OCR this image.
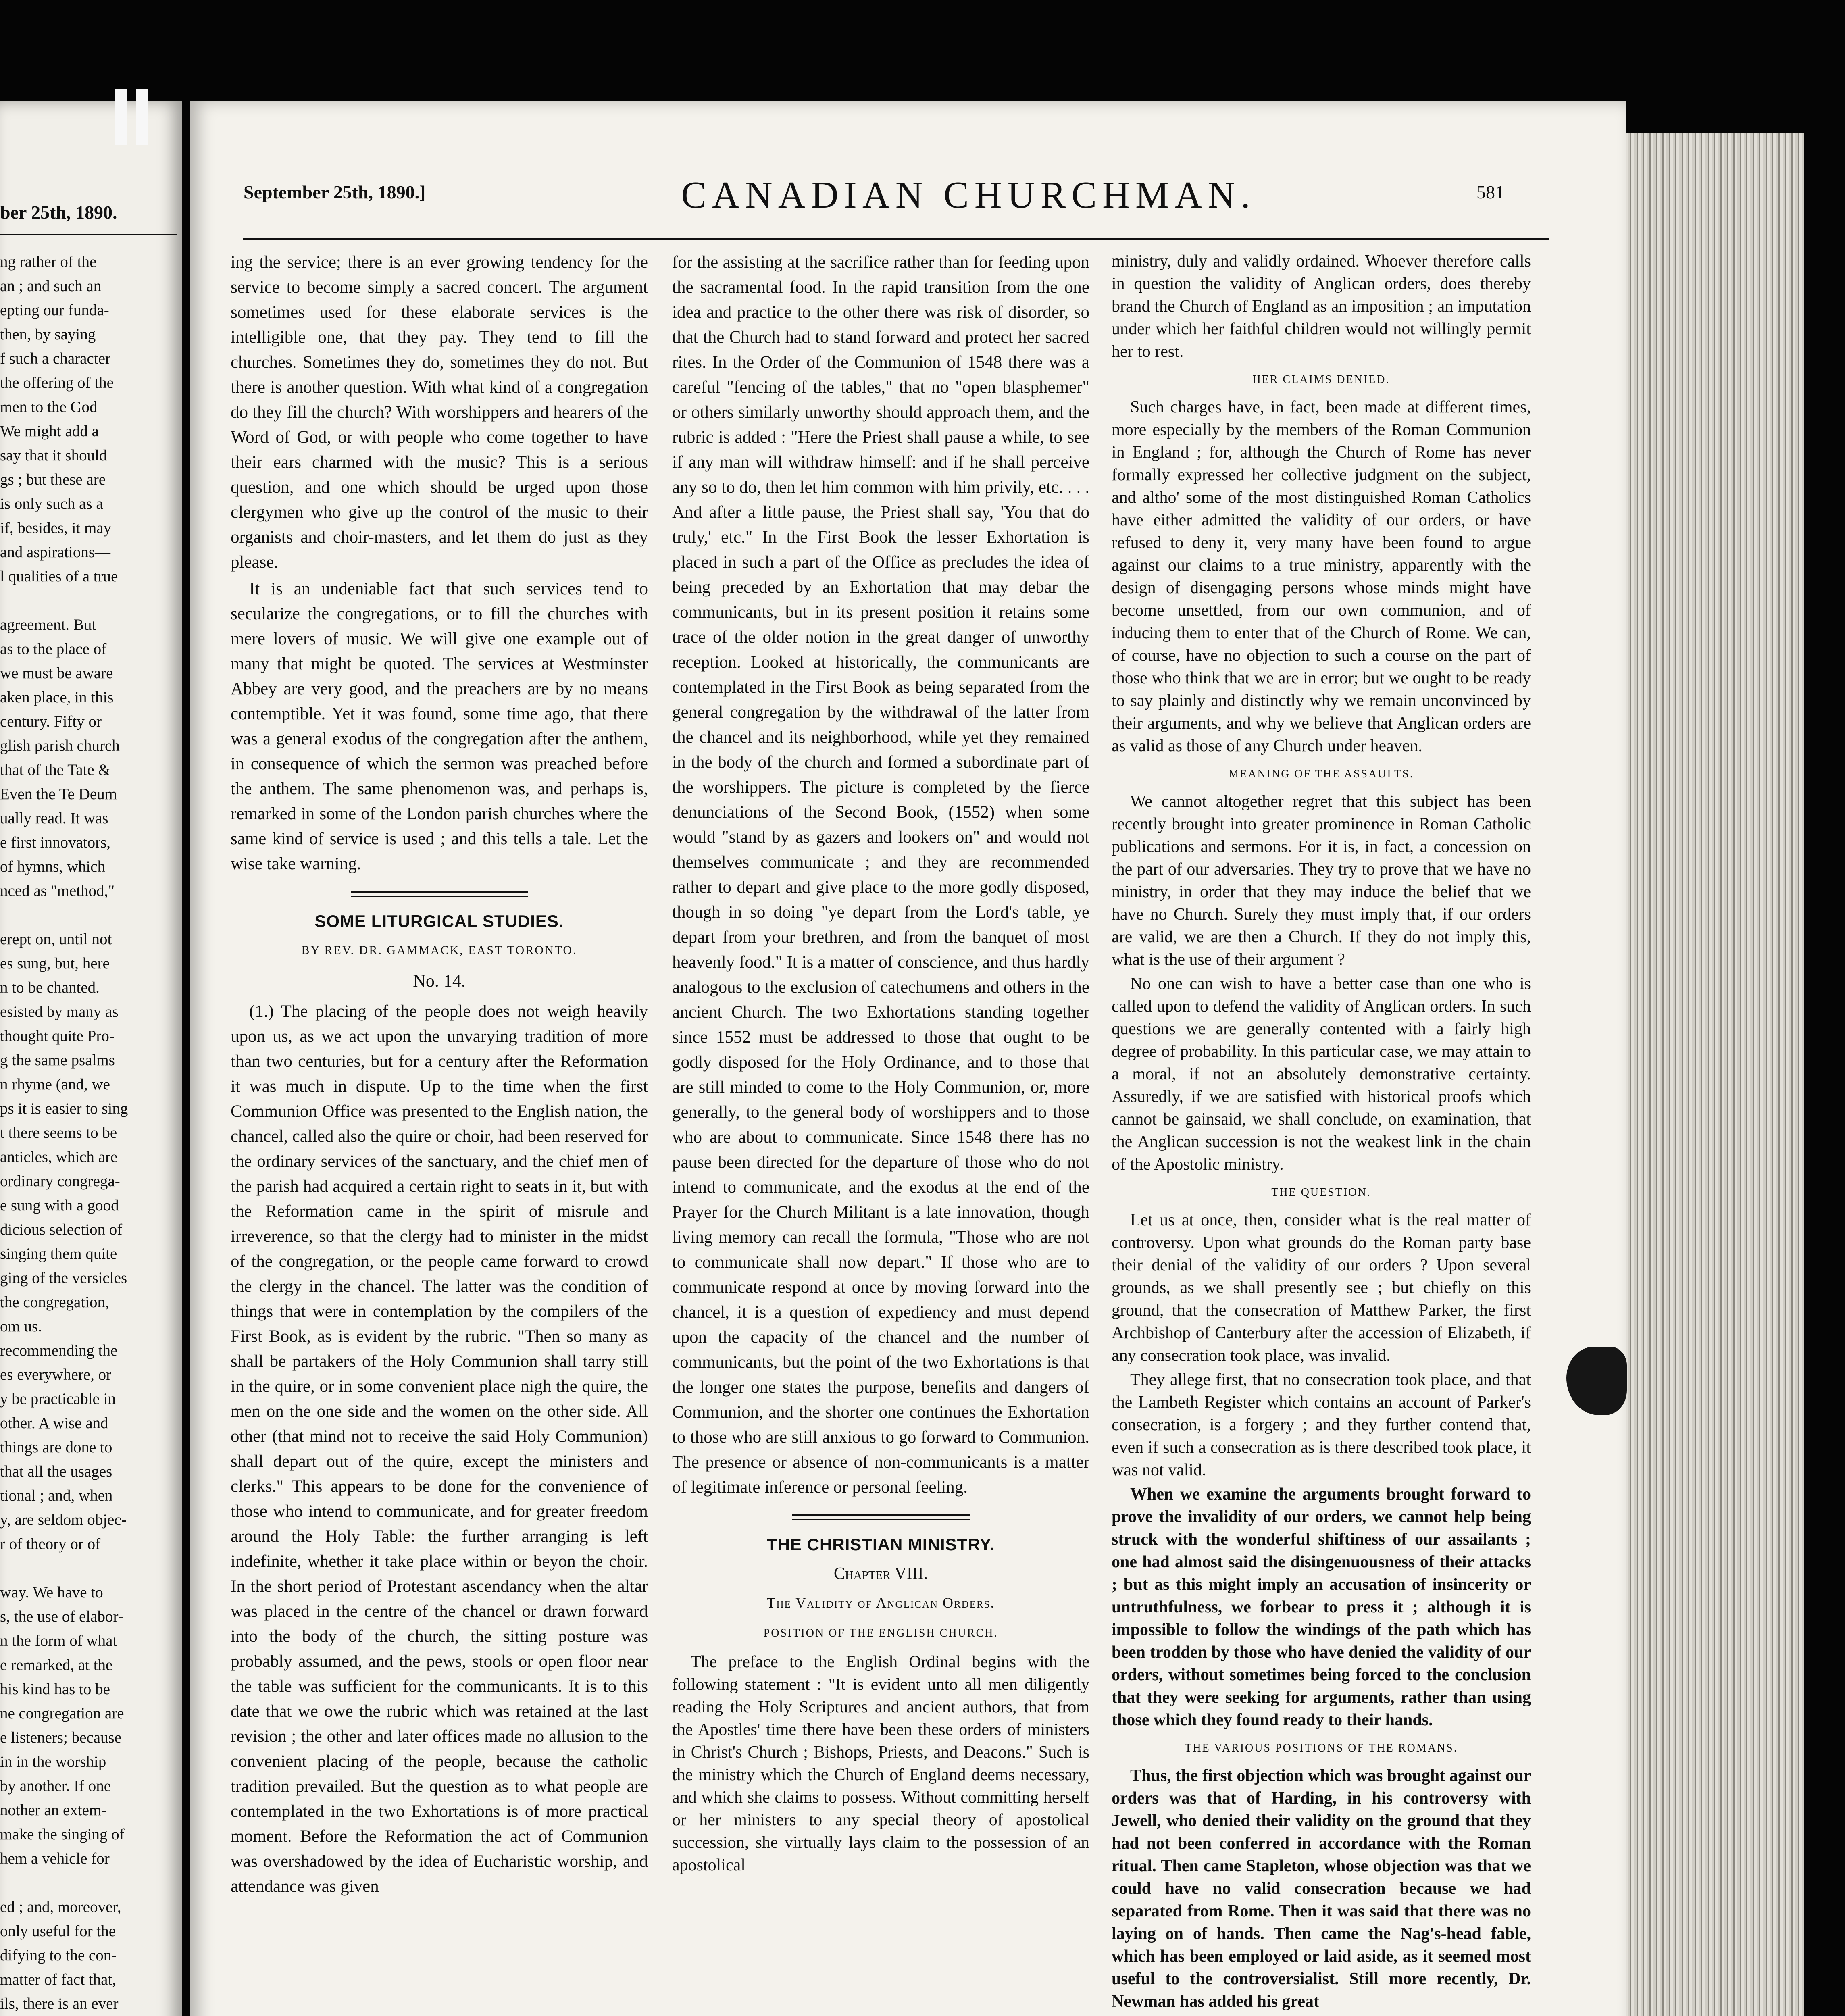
ber 25th, 1890.
ng rather of the
an ; and such an
epting our funda-
then, by saying
f such a character
the offering of the
men to the God
We might add a
say that it should
gs ; but these are
is only such as a
if, besides, it may
and aspirations—
l qualities of a true

agreement. But
as to the place of
we must be aware
aken place, in this
century. Fifty or
glish parish church
that of the Tate &
Even the Te Deum
ually read. It was
e first innovators,
of hymns, which
nced as "method,"

erept on, until not
es sung, but, here
n to be chanted.
esisted by many as
thought quite Pro-
g the same psalms
n rhyme (and, we
ps it is easier to sing
t there seems to be
anticles, which are
ordinary congrega-
e sung with a good
dicious selection of
singing them quite
ging of the versicles
the congregation,
om us.
recommending the
es everywhere, or
y be practicable in
other. A wise and
things are done to
that all the usages
tional ; and, when
y, are seldom objec-
r of theory or of

way. We have to
s, the use of elabor-
n the form of what
e remarked, at the
his kind has to be
ne congregation are
e listeners; because
in in the worship
by another. If one
nother an extem-
make the singing of
hem a vehicle for

ed ; and, moreover,
only useful for the
difying to the con-
matter of fact that,
ils, there is an ever
September 25th, 1890.]	CANADIAN CHURCHMAN.	581

ing the service; there is an ever growing tendency for the service to become simply a sacred concert. The argument sometimes used for these elaborate services is the intelligible one, that they pay. They tend to fill the churches. Sometimes they do, sometimes they do not. But there is another question. With what kind of a congregation do they fill the church? With worshippers and hearers of the Word of God, or with people who come together to have their ears charmed with the music? This is a serious question, and one which should be urged upon those clergymen who give up the control of the music to their organists and choir-masters, and let them do just as they please.

It is an undeniable fact that such services tend to secularize the congregations, or to fill the churches with mere lovers of music. We will give one example out of many that might be quoted. The services at Westminster Abbey are very good, and the preachers are by no means contemptible. Yet it was found, some time ago, that there was a general exodus of the congregation after the anthem, in consequence of which the sermon was preached before the anthem. The same phenomenon was, and perhaps is, remarked in some of the London parish churches where the same kind of service is used ; and this tells a tale. Let the wise take warning.

SOME LITURGICAL STUDIES.
BY REV. DR. GAMMACK, EAST TORONTO.
No. 14.

(1.) The placing of the people does not weigh heavily upon us, as we act upon the unvarying tradition of more than two centuries, but for a century after the Reformation it was much in dispute. Up to the time when the first Communion Office was presented to the English nation, the chancel, called also the quire or choir, had been reserved for the ordinary services of the sanctuary, and the chief men of the parish had acquired a certain right to seats in it, but with the Reformation came in the spirit of misrule and irreverence, so that the clergy had to minister in the midst of the congregation, or the people came forward to crowd the clergy in the chancel. The latter was the condition of things that were in contemplation by the compilers of the First Book, as is evident by the rubric. "Then so many as shall be partakers of the Holy Communion shall tarry still in the quire, or in some convenient place nigh the quire, the men on the one side and the women on the other side. All other (that mind not to receive the said Holy Communion) shall depart out of the quire, except the ministers and clerks." This appears to be done for the convenience of those who intend to communicate, and for greater freedom around the Holy Table: the further arranging is left indefinite, whether it take place within or beyon the choir. In the short period of Protestant ascendancy when the altar was placed in the centre of the chancel or drawn forward into the body of the church, the sitting posture was probably assumed, and the pews, stools or open floor near the table was sufficient for the communicants. It is to this date that we owe the rubric which was retained at the last revision ; the other and later offices made no allusion to the convenient placing of the people, because the catholic tradition prevailed. But the question as to what people are contemplated in the two Exhortations is of more practical moment. Before the Reformation the act of Communion was overshadowed by the idea of Eucharistic worship, and attendance was given

for the assisting at the sacrifice rather than for feeding upon the sacramental food. In the rapid transition from the one idea and practice to the other there was risk of disorder, so that the Church had to stand forward and protect her sacred rites. In the Order of the Communion of 1548 there was a careful "fencing of the tables," that no "open blasphemer" or others similarly unworthy should approach them, and the rubric is added : "Here the Priest shall pause a while, to see if any man will withdraw himself: and if he shall perceive any so to do, then let him common with him privily, etc. . . . And after a little pause, the Priest shall say, 'You that do truly,' etc." In the First Book the lesser Exhortation is placed in such a part of the Office as precludes the idea of being preceded by an Exhortation that may debar the communicants, but in its present position it retains some trace of the older notion in the great danger of unworthy reception. Looked at historically, the communicants are contemplated in the First Book as being separated from the general congregation by the withdrawal of the latter from the chancel and its neighborhood, while yet they remained in the body of the church and formed a subordinate part of the worshippers. The picture is completed by the fierce denunciations of the Second Book, (1552) when some would "stand by as gazers and lookers on" and would not themselves communicate ; and they are recommended rather to depart and give place to the more godly disposed, though in so doing "ye depart from the Lord's table, ye depart from your brethren, and from the banquet of most heavenly food." It is a matter of conscience, and thus hardly analogous to the exclusion of catechumens and others in the ancient Church. The two Exhortations standing together since 1552 must be addressed to those that ought to be godly disposed for the Holy Ordinance, and to those that are still minded to come to the Holy Communion, or, more generally, to the general body of worshippers and to those who are about to communicate. Since 1548 there has no pause been directed for the departure of those who do not intend to communicate, and the exodus at the end of the Prayer for the Church Militant is a late innovation, though living memory can recall the formula, "Those who are not to communicate shall now depart." If those who are to communicate respond at once by moving forward into the chancel, it is a question of expediency and must depend upon the capacity of the chancel and the number of communicants, but the point of the two Exhortations is that the longer one states the purpose, benefits and dangers of Communion, and the shorter one continues the Exhortation to those who are still anxious to go forward to Communion. The presence or absence of non-communicants is a matter of legitimate inference or personal feeling.

THE CHRISTIAN MINISTRY.
Chapter VIII.
The Validity of Anglican Orders.
POSITION OF THE ENGLISH CHURCH.

The preface to the English Ordinal begins with the following statement : "It is evident unto all men diligently reading the Holy Scriptures and ancient authors, that from the Apostles' time there have been these orders of ministers in Christ's Church ; Bishops, Priests, and Deacons." Such is the ministry which the Church of England deems necessary, and which she claims to possess. Without committing herself or her ministers to any special theory of apostolical succession, she virtually lays claim to the possession of an apostolical

ministry, duly and validly ordained. Whoever therefore calls in question the validity of Anglican orders, does thereby brand the Church of England as an imposition ; an imputation under which her faithful children would not willingly permit her to rest.

HER CLAIMS DENIED.

Such charges have, in fact, been made at different times, more especially by the members of the Roman Communion in England ; for, although the Church of Rome has never formally expressed her collective judgment on the subject, and altho' some of the most distinguished Roman Catholics have either admitted the validity of our orders, or have refused to deny it, very many have been found to argue against our claims to a true ministry, apparently with the design of disengaging persons whose minds might have become unsettled, from our own communion, and of inducing them to enter that of the Church of Rome. We can, of course, have no objection to such a course on the part of those who think that we are in error; but we ought to be ready to say plainly and distinctly why we remain unconvinced by their arguments, and why we believe that Anglican orders are as valid as those of any Church under heaven.

MEANING OF THE ASSAULTS.

We cannot altogether regret that this subject has been recently brought into greater prominence in Roman Catholic publications and sermons. For it is, in fact, a concession on the part of our adversaries. They try to prove that we have no ministry, in order that they may induce the belief that we have no Church. Surely they must imply that, if our orders are valid, we are then a Church. If they do not imply this, what is the use of their argument ?

No one can wish to have a better case than one who is called upon to defend the validity of Anglican orders. In such questions we are generally contented with a fairly high degree of probability. In this particular case, we may attain to a moral, if not an absolutely demonstrative certainty. Assuredly, if we are satisfied with historical proofs which cannot be gainsaid, we shall conclude, on examination, that the Anglican succession is not the weakest link in the chain of the Apostolic ministry.

THE QUESTION.

Let us at once, then, consider what is the real matter of controversy. Upon what grounds do the Roman party base their denial of the validity of our orders ? Upon several grounds, as we shall presently see ; but chiefly on this ground, that the consecration of Matthew Parker, the first Archbishop of Canterbury after the accession of Elizabeth, if any consecration took place, was invalid.

They allege first, that no consecration took place, and that the Lambeth Register which contains an account of Parker's consecration, is a forgery ; and they further contend that, even if such a consecration as is there described took place, it was not valid.

When we examine the arguments brought forward to prove the invalidity of our orders, we cannot help being struck with the wonderful shiftiness of our assailants ; one had almost said the disingenuousness of their attacks ; but as this might imply an accusation of insincerity or untruthfulness, we forbear to press it ; although it is impossible to follow the windings of the path which has been trodden by those who have denied the validity of our orders, without sometimes being forced to the conclusion that they were seeking for arguments, rather than using those which they found ready to their hands.

THE VARIOUS POSITIONS OF THE ROMANS.

Thus, the first objection which was brought against our orders was that of Harding, in his controversy with Jewell, who denied their validity on the ground that they had not been conferred in accordance with the Roman ritual. Then came Stapleton, whose objection was that we could have no valid consecration because we had separated from Rome. Then it was said that there was no laying on of hands. Then came the Nag's-head fable, which has been employed or laid aside, as it seemed most useful to the controversialist. Still more recently, Dr. Newman has added his great
